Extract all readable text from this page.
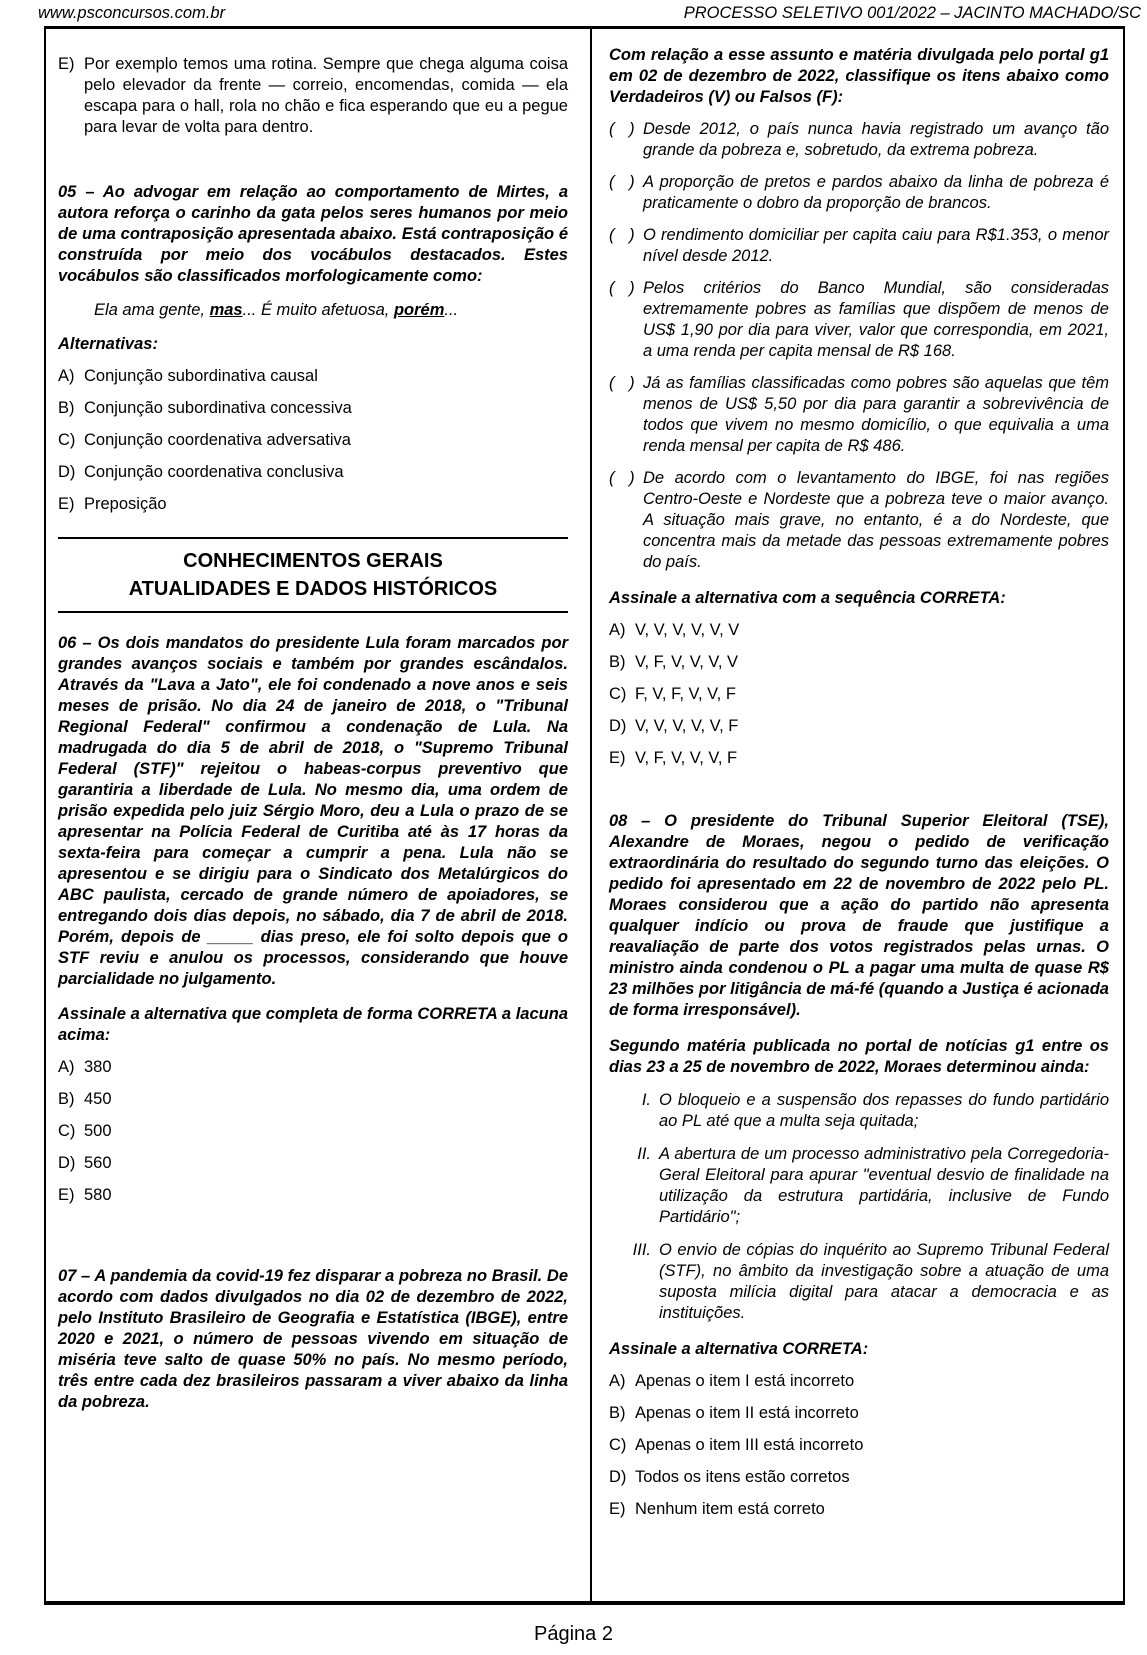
www.psconcursos.com.br	PROCESSO SELETIVO 001/2022 – JACINTO MACHADO/SC
E) Por exemplo temos uma rotina. Sempre que chega alguma coisa pelo elevador da frente — correio, encomendas, comida — ela escapa para o hall, rola no chão e fica esperando que eu a pegue para levar de volta para dentro.
05 – Ao advogar em relação ao comportamento de Mirtes, a autora reforça o carinho da gata pelos seres humanos por meio de uma contraposição apresentada abaixo. Está contraposição é construída por meio dos vocábulos destacados. Estes vocábulos são classificados morfologicamente como:
Ela ama gente, mas... É muito afetuosa, porém...
Alternativas:
A) Conjunção subordinativa causal
B) Conjunção subordinativa concessiva
C) Conjunção coordenativa adversativa
D) Conjunção coordenativa conclusiva
E) Preposição
CONHECIMENTOS GERAIS
ATUALIDADES E DADOS HISTÓRICOS
06 – Os dois mandatos do presidente Lula foram marcados por grandes avanços sociais e também por grandes escândalos. Através da "Lava a Jato", ele foi condenado a nove anos e seis meses de prisão. No dia 24 de janeiro de 2018, o "Tribunal Regional Federal" confirmou a condenação de Lula. Na madrugada do dia 5 de abril de 2018, o "Supremo Tribunal Federal (STF)" rejeitou o habeas-corpus preventivo que garantiria a liberdade de Lula. No mesmo dia, uma ordem de prisão expedida pelo juiz Sérgio Moro, deu a Lula o prazo de se apresentar na Polícia Federal de Curitiba até às 17 horas da sexta-feira para começar a cumprir a pena. Lula não se apresentou e se dirigiu para o Sindicato dos Metalúrgicos do ABC paulista, cercado de grande número de apoiadores, se entregando dois dias depois, no sábado, dia 7 de abril de 2018. Porém, depois de _____ dias preso, ele foi solto depois que o STF reviu e anulou os processos, considerando que houve parcialidade no julgamento.
Assinale a alternativa que completa de forma CORRETA a lacuna acima:
A) 380
B) 450
C) 500
D) 560
E) 580
07 – A pandemia da covid-19 fez disparar a pobreza no Brasil. De acordo com dados divulgados no dia 02 de dezembro de 2022, pelo Instituto Brasileiro de Geografia e Estatística (IBGE), entre 2020 e 2021, o número de pessoas vivendo em situação de miséria teve salto de quase 50% no país. No mesmo período, três entre cada dez brasileiros passaram a viver abaixo da linha da pobreza.
Com relação a esse assunto e matéria divulgada pelo portal g1 em 02 de dezembro de 2022, classifique os itens abaixo como Verdadeiros (V) ou Falsos (F):
( ) Desde 2012, o país nunca havia registrado um avanço tão grande da pobreza e, sobretudo, da extrema pobreza.
( ) A proporção de pretos e pardos abaixo da linha de pobreza é praticamente o dobro da proporção de brancos.
( ) O rendimento domiciliar per capita caiu para R$1.353, o menor nível desde 2012.
( ) Pelos critérios do Banco Mundial, são consideradas extremamente pobres as famílias que dispõem de menos de US$ 1,90 por dia para viver, valor que correspondia, em 2021, a uma renda per capita mensal de R$ 168.
( ) Já as famílias classificadas como pobres são aquelas que têm menos de US$ 5,50 por dia para garantir a sobrevivência de todos que vivem no mesmo domicílio, o que equivalia a uma renda mensal per capita de R$ 486.
( ) De acordo com o levantamento do IBGE, foi nas regiões Centro-Oeste e Nordeste que a pobreza teve o maior avanço. A situação mais grave, no entanto, é a do Nordeste, que concentra mais da metade das pessoas extremamente pobres do país.
Assinale a alternativa com a sequência CORRETA:
A) V, V, V, V, V, V
B) V, F, V, V, V, V
C) F, V, F, V, V, F
D) V, V, V, V, V, F
E) V, F, V, V, V, F
08 – O presidente do Tribunal Superior Eleitoral (TSE), Alexandre de Moraes, negou o pedido de verificação extraordinária do resultado do segundo turno das eleições. O pedido foi apresentado em 22 de novembro de 2022 pelo PL. Moraes considerou que a ação do partido não apresenta qualquer indício ou prova de fraude que justifique a reavaliação de parte dos votos registrados pelas urnas. O ministro ainda condenou o PL a pagar uma multa de quase R$ 23 milhões por litigância de má-fé (quando a Justiça é acionada de forma irresponsável).
Segundo matéria publicada no portal de notícias g1 entre os dias 23 a 25 de novembro de 2022, Moraes determinou ainda:
I. O bloqueio e a suspensão dos repasses do fundo partidário ao PL até que a multa seja quitada;
II. A abertura de um processo administrativo pela Corregedoria-Geral Eleitoral para apurar "eventual desvio de finalidade na utilização da estrutura partidária, inclusive de Fundo Partidário";
III. O envio de cópias do inquérito ao Supremo Tribunal Federal (STF), no âmbito da investigação sobre a atuação de uma suposta milícia digital para atacar a democracia e as instituições.
Assinale a alternativa CORRETA:
A) Apenas o item I está incorreto
B) Apenas o item II está incorreto
C) Apenas o item III está incorreto
D) Todos os itens estão corretos
E) Nenhum item está correto
Página 2
